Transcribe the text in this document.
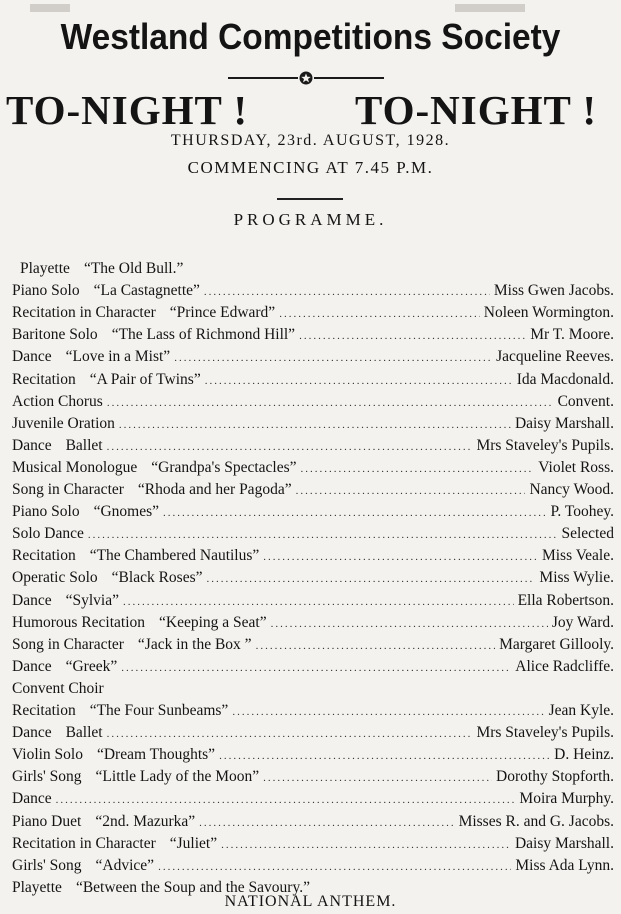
Westland Competitions Society
TO-NIGHT !	TO-NIGHT !
THURSDAY, 23rd. AUGUST, 1928.
COMMENCING AT 7.45 P.M.
PROGRAMME.
Playette “The Old Bull.”
Piano Solo “La Castagnette” .....	Miss Gwen Jacobs.
Recitation in Character “Prince Edward” .....	Noleen Wormington.
Baritone Solo “The Lass of Richmond Hill” .....	Mr T. Moore.
Dance “Love in a Mist” .....	Jacqueline Reeves.
Recitation “A Pair of Twins” .....	Ida Macdonald.
Action Chorus .....	Convent.
Juvenile Oration .....	Daisy Marshall.
Dance Ballet .....	Mrs Staveley's Pupils.
Musical Monologue “Grandpa's Spectacles” .....	Violet Ross.
Song in Character “Rhoda and her Pagoda” .....	Nancy Wood.
Piano Solo “Gnomes” .....	P. Toohey.
Solo Dance .....	Selected
Recitation “The Chambered Nautilus” .....	Miss Veale.
Operatic Solo “Black Roses” .....	Miss Wylie.
Dance “Sylvia” .....	Ella Robertson.
Humorous Recitation “Keeping a Seat” .....	Joy Ward.
Song in Character “Jack in the Box ” .....	Margaret Gillooly.
Dance “Greek” .....	Alice Radcliffe.
Convent Choir
Recitation “The Four Sunbeams” .....	Jean Kyle.
Dance Ballet .....	Mrs Staveley's Pupils.
Violin Solo “Dream Thoughts” .....	D. Heinz.
Girls' Song “Little Lady of the Moon” .....	Dorothy Stopforth.
Dance .....	Moira Murphy.
Piano Duet “2nd. Mazurka” .....	Misses R. and G. Jacobs.
Recitation in Character “Juliet” .....	Daisy Marshall.
Girls' Song “Advice” .....	Miss Ada Lynn.
Playette “Between the Soup and the Savoury.”
NATIONAL ANTHEM.
